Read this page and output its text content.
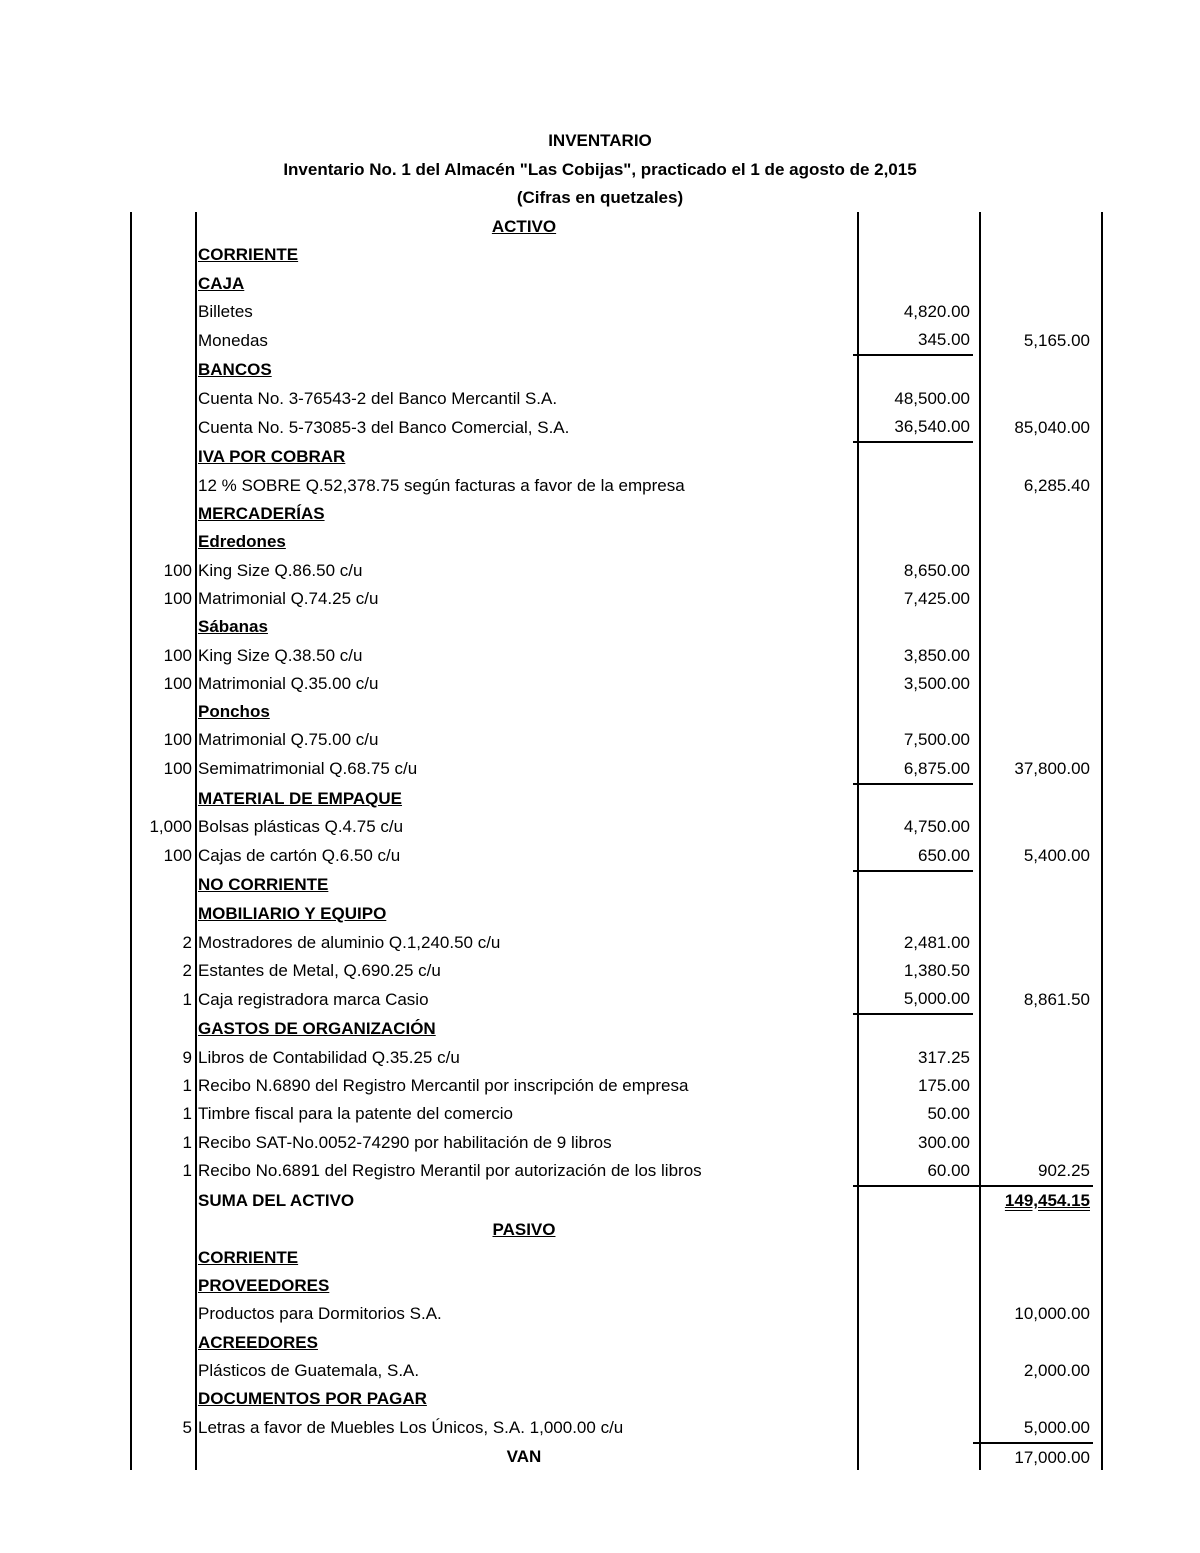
INVENTARIO
Inventario No. 1 del Almacén "Las Cobijas", practicado el 1 de agosto de 2,015
(Cifras en quetzales)
	ACTIVO		
	CORRIENTE		
	CAJA		
	Billetes	4,820.00	
	Monedas	345.00	5,165.00
	BANCOS		
	Cuenta No. 3-76543-2 del Banco Mercantil S.A.	48,500.00	
	Cuenta No. 5-73085-3 del Banco Comercial, S.A.	36,540.00	85,040.00
	IVA POR COBRAR		
	12 % SOBRE Q.52,378.75 según facturas a favor de la empresa		6,285.40
	MERCADERÍAS		
	Edredones		
100	King Size Q.86.50 c/u	8,650.00	
100	Matrimonial Q.74.25 c/u	7,425.00	
	Sábanas		
100	King Size Q.38.50 c/u	3,850.00	
100	Matrimonial Q.35.00 c/u	3,500.00	
	Ponchos		
100	Matrimonial Q.75.00 c/u	7,500.00	
100	Semimatrimonial Q.68.75 c/u	6,875.00	37,800.00
	MATERIAL DE EMPAQUE		
1,000	Bolsas plásticas Q.4.75 c/u	4,750.00	
100	Cajas de cartón Q.6.50 c/u	650.00	5,400.00
	NO CORRIENTE		
	MOBILIARIO Y EQUIPO		
2	Mostradores de aluminio Q.1,240.50 c/u	2,481.00	
2	Estantes de Metal, Q.690.25 c/u	1,380.50	
1	Caja registradora marca Casio	5,000.00	8,861.50
	GASTOS DE ORGANIZACIÓN		
9	Libros de Contabilidad Q.35.25 c/u	317.25	
1	Recibo N.6890 del Registro Mercantil por inscripción de empresa	175.00	
1	Timbre fiscal para la patente del comercio	50.00	
1	Recibo SAT-No.0052-74290 por habilitación de 9 libros	300.00	
1	Recibo No.6891 del Registro Merantil por autorización de los libros	60.00	902.25
	SUMA DEL ACTIVO		149,454.15
	PASIVO		
	CORRIENTE		
	PROVEEDORES		
	Productos para Dormitorios S.A.		10,000.00
	ACREEDORES		
	Plásticos de Guatemala, S.A.		2,000.00
	DOCUMENTOS POR PAGAR		
5	Letras a favor de Muebles Los Únicos, S.A. 1,000.00 c/u		5,000.00
	VAN		17,000.00
